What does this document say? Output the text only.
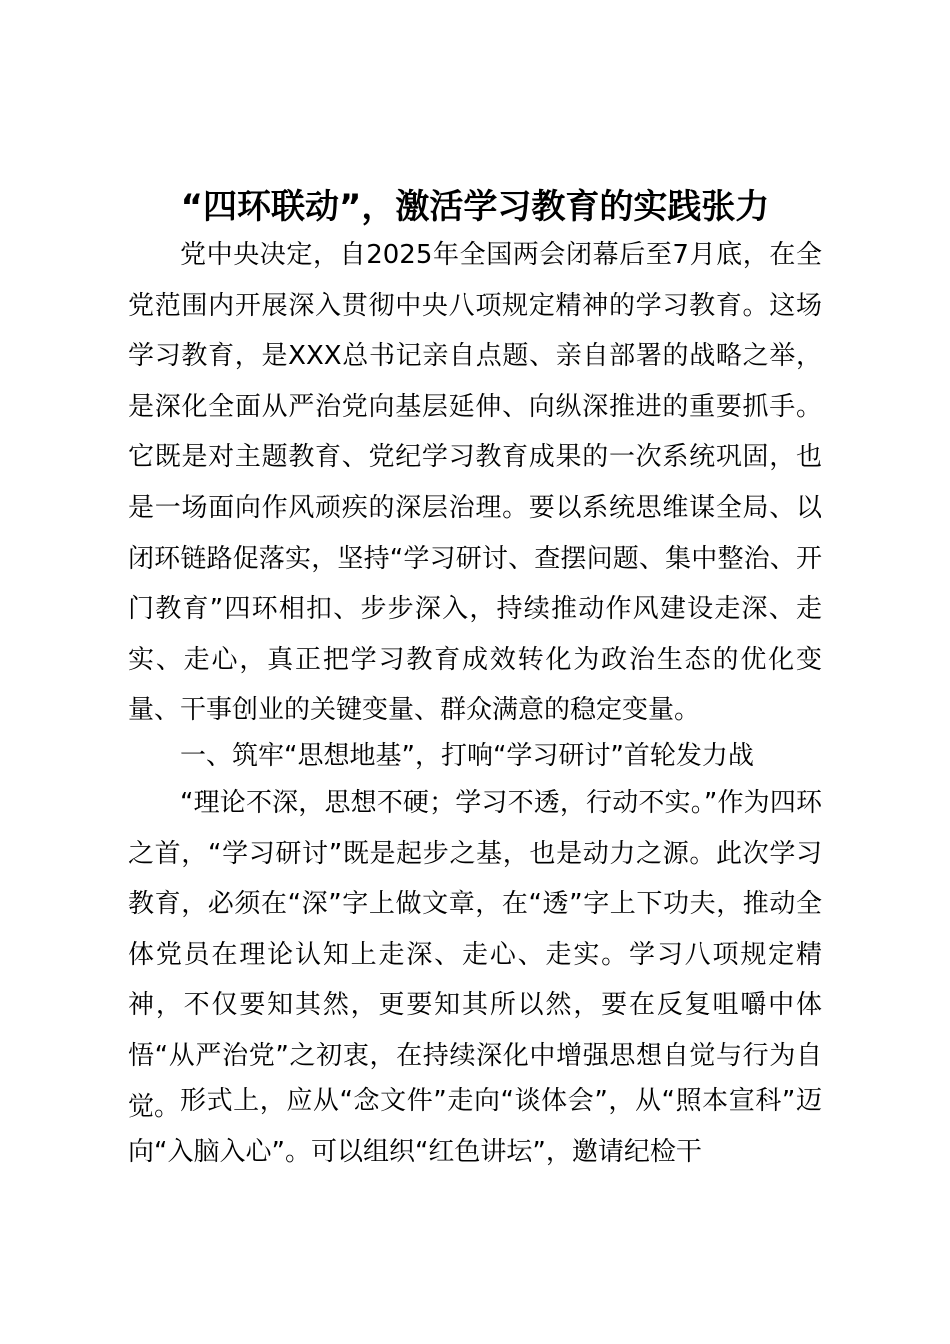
“四环联动”，激活学习教育的实践张力

党中央决定，自2025年全国两会闭幕后至7月底，在全党范围内开展深入贯彻中央八项规定精神的学习教育。这场学习教育，是XXX总书记亲自点题、亲自部署的战略之举，是深化全面从严治党向基层延伸、向纵深推进的重要抓手。它既是对主题教育、党纪学习教育成果的一次系统巩固，也是一场面向作风顽疾的深层治理。要以系统思维谋全局、以闭环链路促落实，坚持“学习研讨、查摆问题、集中整治、开门教育”四环相扣、步步深入，持续推动作风建设走深、走实、走心，真正把学习教育成效转化为政治生态的优化变量、干事创业的关键变量、群众满意的稳定变量。

一、筑牢“思想地基”，打响“学习研讨”首轮发力战

“理论不深，思想不硬；学习不透，行动不实。”作为四环之首，“学习研讨”既是起步之基，也是动力之源。此次学习教育，必须在“深”字上做文章，在“透”字上下功夫，推动全体党员在理论认知上走深、走心、走实。学习八项规定精神，不仅要知其然，更要知其所以然，要在反复咀嚼中体悟“从严治党”之初衷，在持续深化中增强思想自觉与行为自觉。 形式上，应从“念文件”走向“谈体会”，从“照本宣科”迈向“入脑入心”。可以组织“红色讲坛”，邀请纪检干
